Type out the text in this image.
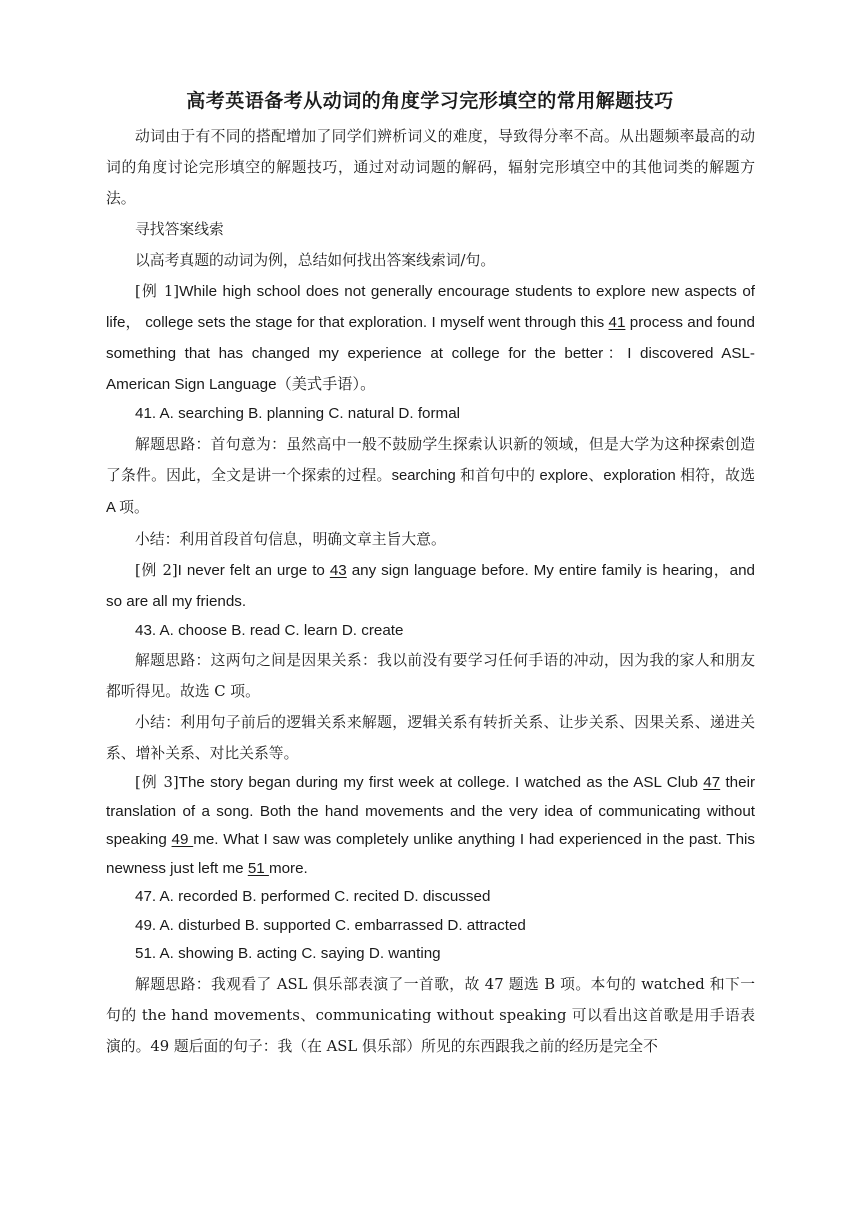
高考英语备考从动词的角度学习完形填空的常用解题技巧

动词由于有不同的搭配增加了同学们辨析词义的难度，导致得分率不高。从出题频率最高的动词的角度讨论完形填空的解题技巧，通过对动词题的解码，辐射完形填空中的其他词类的解题方法。

寻找答案线索

以高考真题的动词为例，总结如何找出答案线索词/句。

[例 1]While high school does not generally encourage students to explore new aspects of life， college sets the stage for that exploration. I myself went through this 41 process and found something that has changed my experience at college for the better：I discovered ASL-American Sign Language（美式手语）。

41. A. searching B. planning C. natural D. formal

解题思路：首句意为：虽然高中一般不鼓励学生探索认识新的领域，但是大学为这种探索创造了条件。因此，全文是讲一个探索的过程。searching 和首句中的 explore、exploration 相符，故选 A 项。

小结：利用首段首句信息，明确文章主旨大意。

[例 2]I never felt an urge to 43 any sign language before. My entire family is hearing，and so are all my friends.

43. A. choose B. read C. learn D. create

解题思路：这两句之间是因果关系：我以前没有要学习任何手语的冲动，因为我的家人和朋友都听得见。故选 C 项。

小结：利用句子前后的逻辑关系来解题，逻辑关系有转折关系、让步关系、因果关系、递进关系、增补关系、对比关系等。

[例 3]The story began during my first week at college. I watched as the ASL Club 47 their translation of a song. Both the hand movements and the very idea of communicating without speaking 49 me. What I saw was completely unlike anything I had experienced in the past. This newness just left me 51 more.

47. A. recorded B. performed C. recited D. discussed

49. A. disturbed B. supported C. embarrassed D. attracted

51. A. showing B. acting C. saying D. wanting

解题思路：我观看了 ASL 俱乐部表演了一首歌，故 47 题选 B 项。本句的 watched 和下一句的 the hand movements、communicating without speaking 可以看出这首歌是用手语表演的。49 题后面的句子：我（在 ASL 俱乐部）所见的东西跟我之前的经历是完全不
